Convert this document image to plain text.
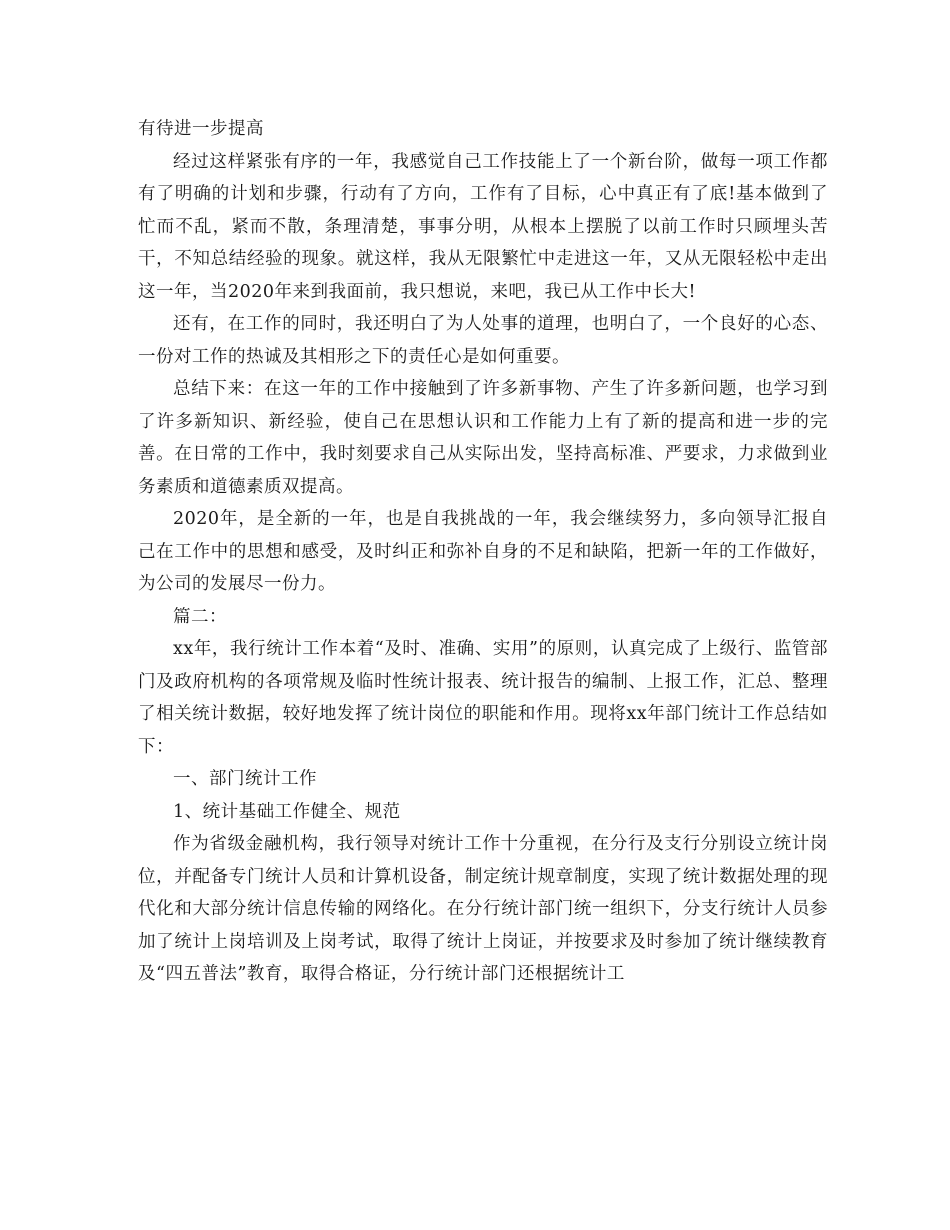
有待进一步提高

经过这样紧张有序的一年，我感觉自己工作技能上了一个新台阶，做每一项工作都有了明确的计划和步骤，行动有了方向，工作有了目标，心中真正有了底!基本做到了忙而不乱，紧而不散，条理清楚，事事分明，从根本上摆脱了以前工作时只顾埋头苦干，不知总结经验的现象。就这样，我从无限繁忙中走进这一年，又从无限轻松中走出这一年，当2020年来到我面前，我只想说，来吧，我已从工作中长大!

还有，在工作的同时，我还明白了为人处事的道理，也明白了，一个良好的心态、一份对工作的热诚及其相形之下的责任心是如何重要。

总结下来：在这一年的工作中接触到了许多新事物、产生了许多新问题，也学习到了许多新知识、新经验，使自己在思想认识和工作能力上有了新的提高和进一步的完善。在日常的工作中，我时刻要求自己从实际出发，坚持高标准、严要求，力求做到业务素质和道德素质双提高。

2020年，是全新的一年，也是自我挑战的一年，我会继续努力，多向领导汇报自己在工作中的思想和感受，及时纠正和弥补自身的不足和缺陷，把新一年的工作做好，为公司的发展尽一份力。

篇二：

xx年，我行统计工作本着“及时、准确、实用”的原则，认真完成了上级行、监管部门及政府机构的各项常规及临时性统计报表、统计报告的编制、上报工作，汇总、整理了相关统计数据，较好地发挥了统计岗位的职能和作用。现将xx年部门统计工作总结如下：

一、部门统计工作

1、统计基础工作健全、规范

作为省级金融机构，我行领导对统计工作十分重视，在分行及支行分别设立统计岗位，并配备专门统计人员和计算机设备，制定统计规章制度，实现了统计数据处理的现代化和大部分统计信息传输的网络化。在分行统计部门统一组织下，分支行统计人员参加了统计上岗培训及上岗考试，取得了统计上岗证，并按要求及时参加了统计继续教育及“四五普法”教育，取得合格证，分行统计部门还根据统计工
